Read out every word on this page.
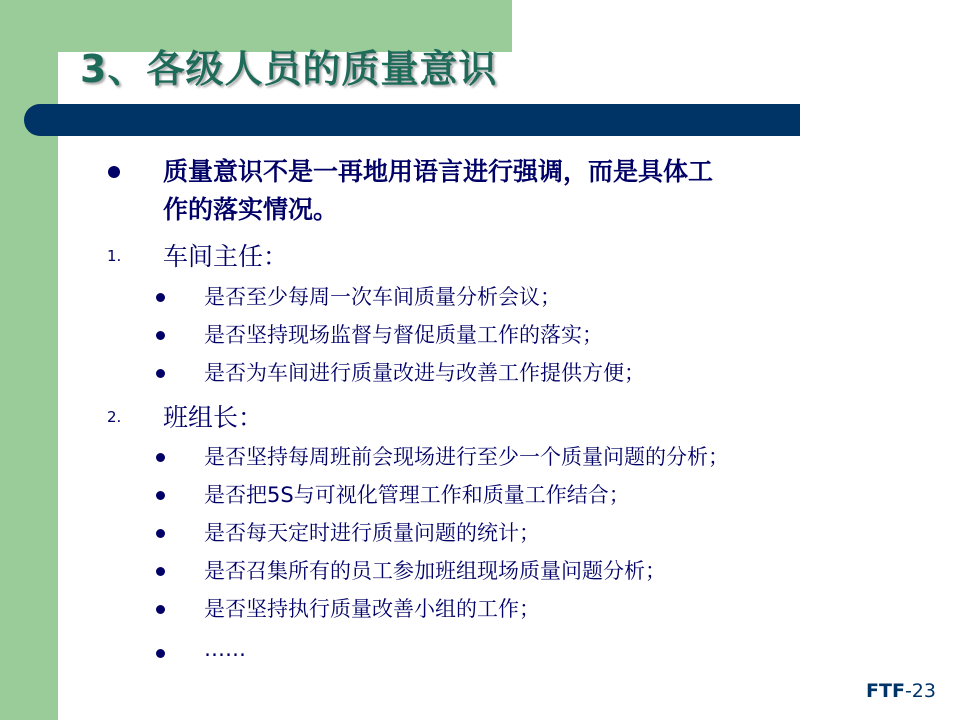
3、各级人员的质量意识
质量意识不是一再地用语言进行强调，而是具体工
作的落实情况。
1. 车间主任：
是否至少每周一次车间质量分析会议；
是否坚持现场监督与督促质量工作的落实；
是否为车间进行质量改进与改善工作提供方便；
2. 班组长：
是否坚持每周班前会现场进行至少一个质量问题的分析；
是否把5S与可视化管理工作和质量工作结合；
是否每天定时进行质量问题的统计；
是否召集所有的员工参加班组现场质量问题分析；
是否坚持执行质量改善小组的工作；
……
FTF-23
